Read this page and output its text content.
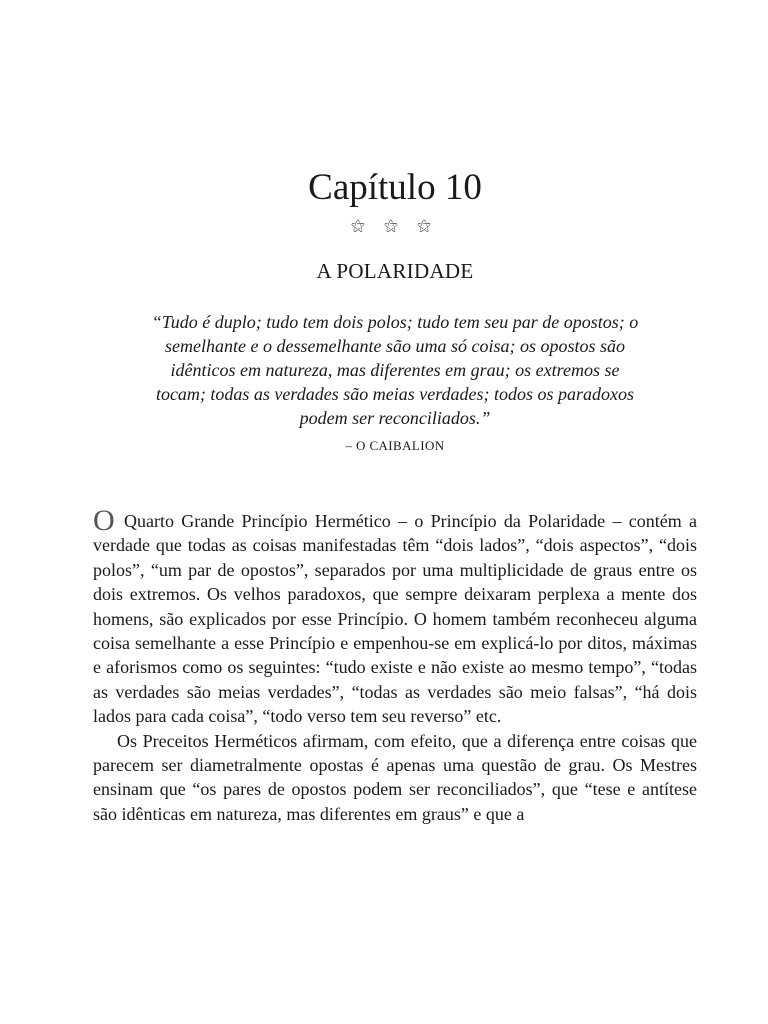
Capítulo 10
⚝ ⚝ ⚝
A POLARIDADE

“Tudo é duplo; tudo tem dois polos; tudo tem seu par de opostos; o semelhante e o dessemelhante são uma só coisa; os opostos são idênticos em natureza, mas diferentes em grau; os extremos se tocam; todas as verdades são meias verdades; todos os paradoxos podem ser reconciliados.”

– O CAIBALION

O Quarto Grande Princípio Hermético – o Princípio da Polaridade – contém a verdade que todas as coisas manifestadas têm “dois lados”, “dois aspectos”, “dois polos”, “um par de opostos”, separados por uma multiplicidade de graus entre os dois extremos. Os velhos paradoxos, que sempre deixaram perplexa a mente dos homens, são explicados por esse Princípio. O homem também reconheceu alguma coisa semelhante a esse Princípio e empenhou-se em explicá-lo por ditos, máximas e aforismos como os seguintes: “tudo existe e não existe ao mesmo tempo”, “todas as verdades são meias verdades”, “todas as verdades são meio falsas”, “há dois lados para cada coisa”, “todo verso tem seu reverso” etc.

Os Preceitos Herméticos afirmam, com efeito, que a diferença entre coisas que parecem ser diametralmente opostas é apenas uma questão de grau. Os Mestres ensinam que “os pares de opostos podem ser reconciliados”, que “tese e antítese são idênticas em natureza, mas diferentes em graus” e que a
